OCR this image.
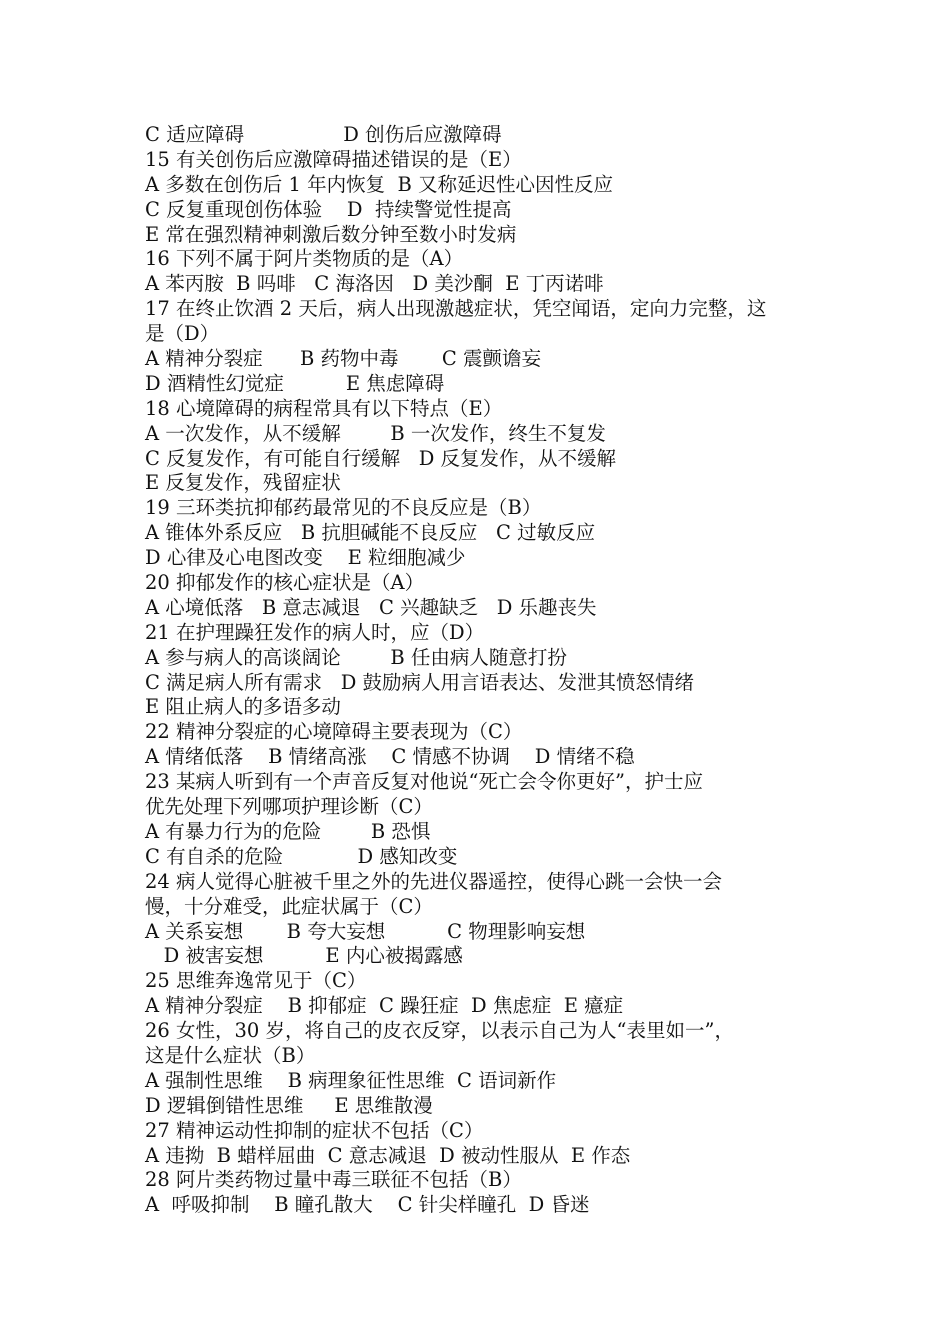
C 适应障碍                D 创伤后应激障碍
15 有关创伤后应激障碍描述错误的是（E）
A 多数在创伤后 1 年内恢复  B 又称延迟性心因性反应
C 反复重现创伤体验    D  持续警觉性提高
E 常在强烈精神刺激后数分钟至数小时发病
16 下列不属于阿片类物质的是（A）
A 苯丙胺  B 吗啡   C 海洛因   D 美沙酮  E 丁丙诺啡
17 在终止饮酒 2 天后，病人出现激越症状，凭空闻语，定向力完整，这
是（D）
A 精神分裂症      B 药物中毒       C 震颤谵妄
D 酒精性幻觉症          E 焦虑障碍
18 心境障碍的病程常具有以下特点（E）
A 一次发作，从不缓解        B 一次发作，终生不复发
C 反复发作，有可能自行缓解   D 反复发作，从不缓解
E 反复发作，残留症状
19 三环类抗抑郁药最常见的不良反应是（B）
A 锥体外系反应   B 抗胆碱能不良反应   C 过敏反应
D 心律及心电图改变    E 粒细胞减少
20 抑郁发作的核心症状是（A）
A 心境低落   B 意志减退   C 兴趣缺乏   D 乐趣丧失
21 在护理躁狂发作的病人时，应（D）
A 参与病人的高谈阔论        B 任由病人随意打扮
C 满足病人所有需求   D 鼓励病人用言语表达、发泄其愤怒情绪
E 阻止病人的多语多动
22 精神分裂症的心境障碍主要表现为（C）
A 情绪低落    B 情绪高涨    C 情感不协调    D 情绪不稳
23 某病人听到有一个声音反复对他说“死亡会令你更好”，护士应
优先处理下列哪项护理诊断（C）
A 有暴力行为的危险        B 恐惧
C 有自杀的危险            D 感知改变
24 病人觉得心脏被千里之外的先进仪器遥控，使得心跳一会快一会
慢，十分难受，此症状属于（C）
A 关系妄想       B 夸大妄想          C 物理影响妄想
D 被害妄想          E 内心被揭露感
25 思维奔逸常见于（C）
A 精神分裂症    B 抑郁症  C 躁狂症  D 焦虑症  E 癔症
26 女性，30 岁，将自己的皮衣反穿，以表示自己为人“表里如一”，
这是什么症状（B）
A 强制性思维    B 病理象征性思维  C 语词新作
D 逻辑倒错性思维     E 思维散漫
27 精神运动性抑制的症状不包括（C）
A 违拗  B 蜡样屈曲  C 意志减退  D 被动性服从  E 作态
28 阿片类药物过量中毒三联征不包括（B）
A  呼吸抑制    B 瞳孔散大    C 针尖样瞳孔  D 昏迷
